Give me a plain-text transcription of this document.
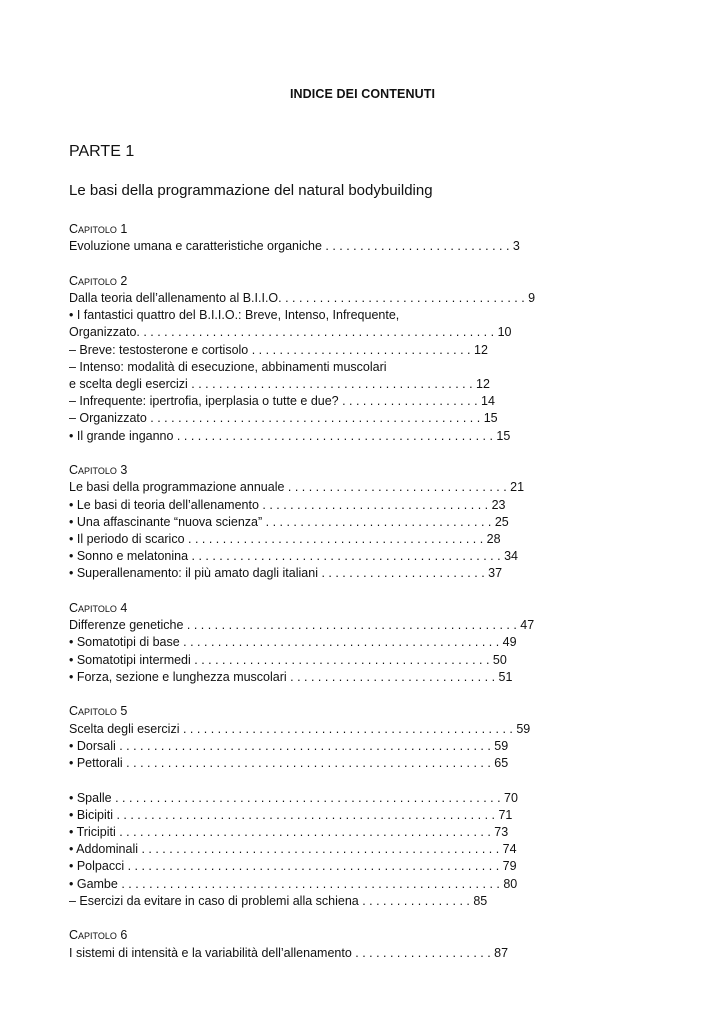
INDICE DEI CONTENUTI
PARTE 1
Le basi della programmazione del natural bodybuilding
Capitolo 1
Evoluzione umana e caratteristiche organiche . . . . . . . . . . . . . . . . . . . . . . . . . . . 3
Capitolo 2
Dalla teoria dell’allenamento al B.I.I.O. . . . . . . . . . . . . . . . . . . . . . . . . . . . . . . . . . . . 9
• I fantastici quattro del B.I.I.O.: Breve, Intenso, Infrequente,
Organizzato. . . . . . . . . . . . . . . . . . . . . . . . . . . . . . . . . . . . . . . . . . . . . . . . . . . . 10
– Breve: testosterone e cortisolo . . . . . . . . . . . . . . . . . . . . . . . . . . . . . . . . 12
– Intenso: modalità di esecuzione, abbinamenti muscolari
e scelta degli esercizi . . . . . . . . . . . . . . . . . . . . . . . . . . . . . . . . . . . . . . . . . 12
– Infrequente: ipertrofia, iperplasia o tutte e due? . . . . . . . . . . . . . . . . . . . . 14
– Organizzato . . . . . . . . . . . . . . . . . . . . . . . . . . . . . . . . . . . . . . . . . . . . . . . . 15
• Il grande inganno . . . . . . . . . . . . . . . . . . . . . . . . . . . . . . . . . . . . . . . . . . . . . . 15
Capitolo 3
Le basi della programmazione annuale . . . . . . . . . . . . . . . . . . . . . . . . . . . . . . . . 21
• Le basi di teoria dell’allenamento . . . . . . . . . . . . . . . . . . . . . . . . . . . . . . . . . 23
• Una affascinante “nuova scienza” . . . . . . . . . . . . . . . . . . . . . . . . . . . . . . . . . 25
• Il periodo di scarico . . . . . . . . . . . . . . . . . . . . . . . . . . . . . . . . . . . . . . . . . . . 28
• Sonno e melatonina . . . . . . . . . . . . . . . . . . . . . . . . . . . . . . . . . . . . . . . . . . . . . 34
• Superallenamento: il più amato dagli italiani . . . . . . . . . . . . . . . . . . . . . . . . 37
Capitolo 4
Differenze genetiche . . . . . . . . . . . . . . . . . . . . . . . . . . . . . . . . . . . . . . . . . . . . . . . . 47
• Somatotipi di base . . . . . . . . . . . . . . . . . . . . . . . . . . . . . . . . . . . . . . . . . . . . . . 49
• Somatotipi intermedi . . . . . . . . . . . . . . . . . . . . . . . . . . . . . . . . . . . . . . . . . . . 50
• Forza, sezione e lunghezza muscolari . . . . . . . . . . . . . . . . . . . . . . . . . . . . . . 51
Capitolo 5
Scelta degli esercizi . . . . . . . . . . . . . . . . . . . . . . . . . . . . . . . . . . . . . . . . . . . . . . . . 59
• Dorsali . . . . . . . . . . . . . . . . . . . . . . . . . . . . . . . . . . . . . . . . . . . . . . . . . . . . . . 59
• Pettorali . . . . . . . . . . . . . . . . . . . . . . . . . . . . . . . . . . . . . . . . . . . . . . . . . . . . . 65
• Spalle . . . . . . . . . . . . . . . . . . . . . . . . . . . . . . . . . . . . . . . . . . . . . . . . . . . . . . . . 70
• Bicipiti . . . . . . . . . . . . . . . . . . . . . . . . . . . . . . . . . . . . . . . . . . . . . . . . . . . . . . . 71
• Tricipiti . . . . . . . . . . . . . . . . . . . . . . . . . . . . . . . . . . . . . . . . . . . . . . . . . . . . . . 73
• Addominali . . . . . . . . . . . . . . . . . . . . . . . . . . . . . . . . . . . . . . . . . . . . . . . . . . . . 74
• Polpacci . . . . . . . . . . . . . . . . . . . . . . . . . . . . . . . . . . . . . . . . . . . . . . . . . . . . . . 79
• Gambe . . . . . . . . . . . . . . . . . . . . . . . . . . . . . . . . . . . . . . . . . . . . . . . . . . . . . . . 80
– Esercizi da evitare in caso di problemi alla schiena . . . . . . . . . . . . . . . . 85
Capitolo 6
I sistemi di intensità e la variabilità dell’allenamento . . . . . . . . . . . . . . . . . . . . 87
